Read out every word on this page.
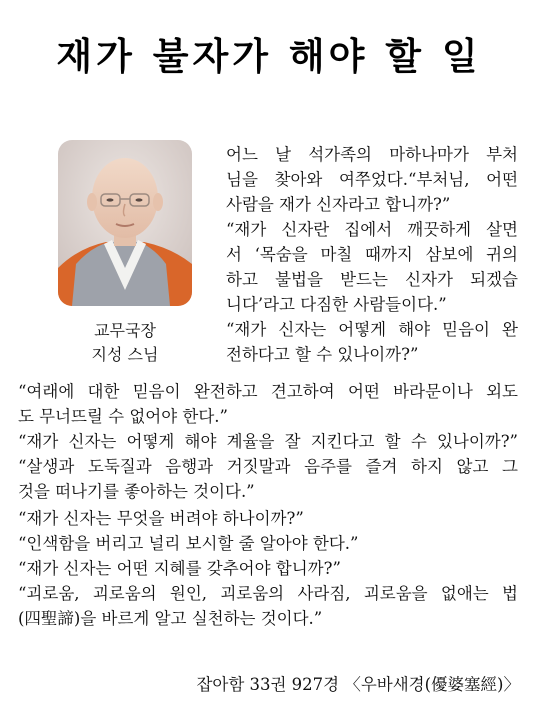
재가 불자가 해야 할 일
교무국장
지성 스님
어느 날 석가족의 마하나마가 부처
님을 찾아와 여쭈었다.“부처님, 어떤
사람을 재가 신자라고 합니까?”
“재가 신자란 집에서 깨끗하게 살면
서 ‘목숨을 마칠 때까지 삼보에 귀의
하고 불법을 받드는 신자가 되겠습
니다’라고 다짐한 사람들이다.”
“재가 신자는 어떻게 해야 믿음이 완
전하다고 할 수 있나이까?”
“여래에 대한 믿음이 완전하고 견고하여 어떤 바라문이나 외도
도 무너뜨릴 수 없어야 한다.”
“재가 신자는 어떻게 해야 계율을 잘 지킨다고 할 수 있나이까?”
“살생과 도둑질과 음행과 거짓말과 음주를 즐겨 하지 않고 그
것을 떠나기를 좋아하는 것이다.”
“재가 신자는 무엇을 버려야 하나이까?”
“인색함을 버리고 널리 보시할 줄 알아야 한다.”
“재가 신자는 어떤 지혜를 갖추어야 합니까?”
“괴로움, 괴로움의 원인, 괴로움의 사라짐, 괴로움을 없애는 법
(四聖諦)을 바르게 알고 실천하는 것이다.”
잡아함 33권 927경 〈우바새경(優婆塞經)〉
